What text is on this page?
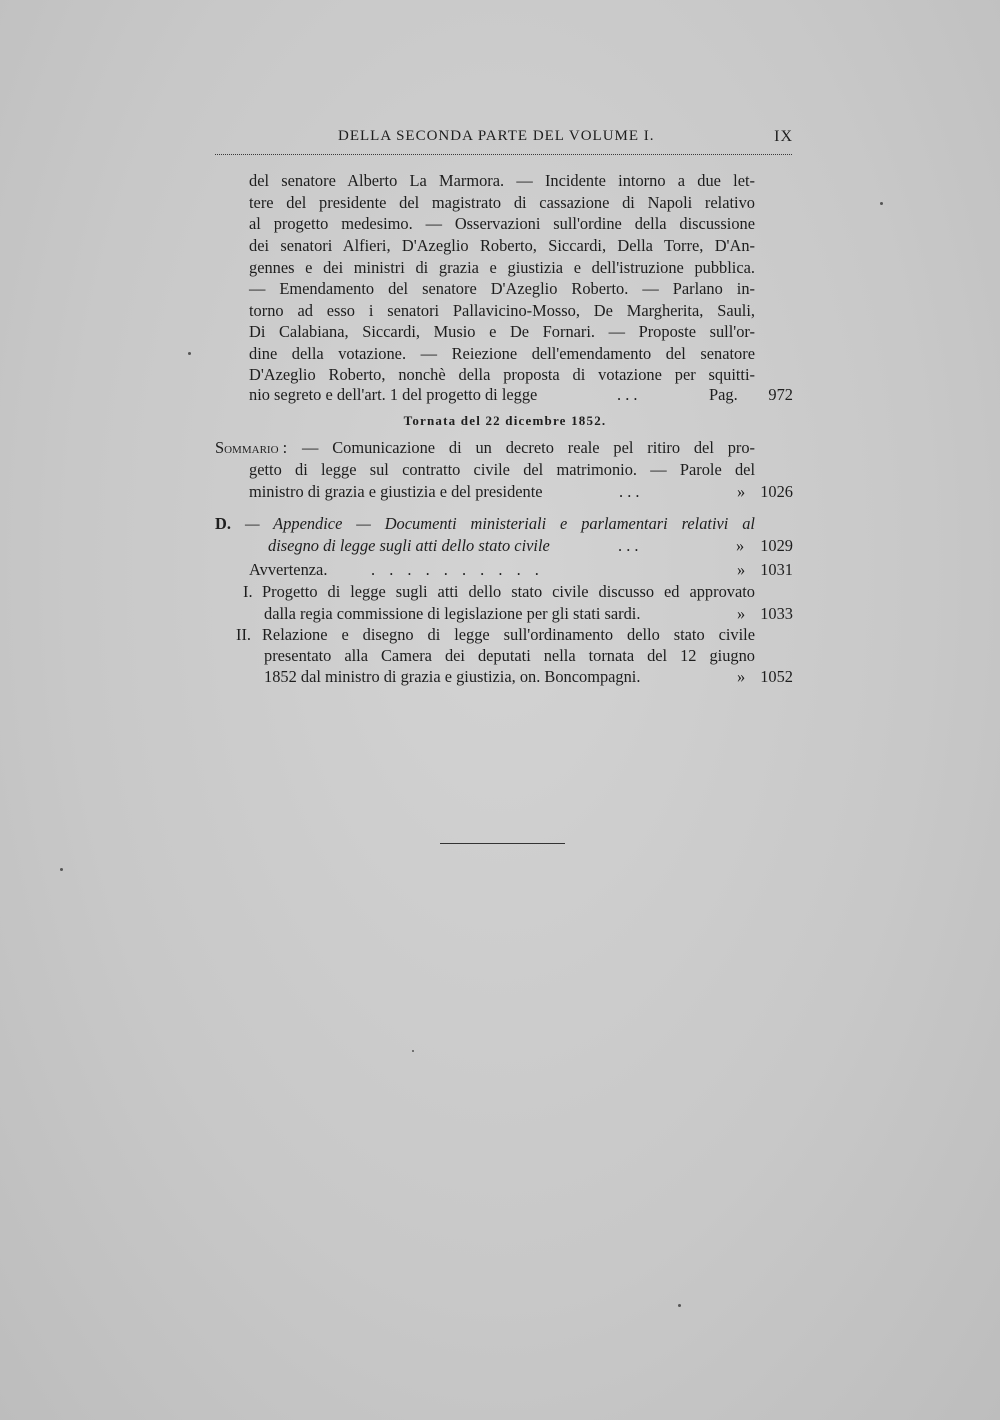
DELLA SECONDA PARTE DEL VOLUME I.	IX
del senatore Alberto La Marmora. — Incidente intorno a due let-
tere del presidente del magistrato di cassazione di Napoli relativo
al progetto medesimo. — Osservazioni sull'ordine della discussione
dei senatori Alfieri, D'Azeglio Roberto, Siccardi, Della Torre, D'An-
gennes e dei ministri di grazia e giustizia e dell'istruzione pubblica.
— Emendamento del senatore D'Azeglio Roberto. — Parlano in-
torno ad esso i senatori Pallavicino-Mosso, De Margherita, Sauli,
Di Calabiana, Siccardi, Musio e De Fornari. — Proposte sull'or-
dine della votazione. — Reiezione dell'emendamento del senatore
D'Azeglio Roberto, nonchè della proposta di votazione per squitti-
nio segreto e dell'art. 1 del progetto di legge	. . .	Pag. 972
Tornata del 22 dicembre 1852.
Sommario : — Comunicazione di un decreto reale pel ritiro del pro-
getto di legge sul contratto civile del matrimonio. — Parole del
ministro di grazia e giustizia e del presidente	. . .	» 1026
D. — Appendice — Documenti ministeriali e parlamentari relativi al
disegno di legge sugli atti dello stato civile	. . .	» 1029
Avvertenza.	. . . . . . . . . .	» 1031
I. Progetto di legge sugli atti dello stato civile discusso ed approvato
dalla regia commissione di legislazione per gli stati sardi.	» 1033
II. Relazione e disegno di legge sull'ordinamento dello stato civile
presentato alla Camera dei deputati nella tornata del 12 giugno
1852 dal ministro di grazia e giustizia, on. Boncompagni.	» 1052
